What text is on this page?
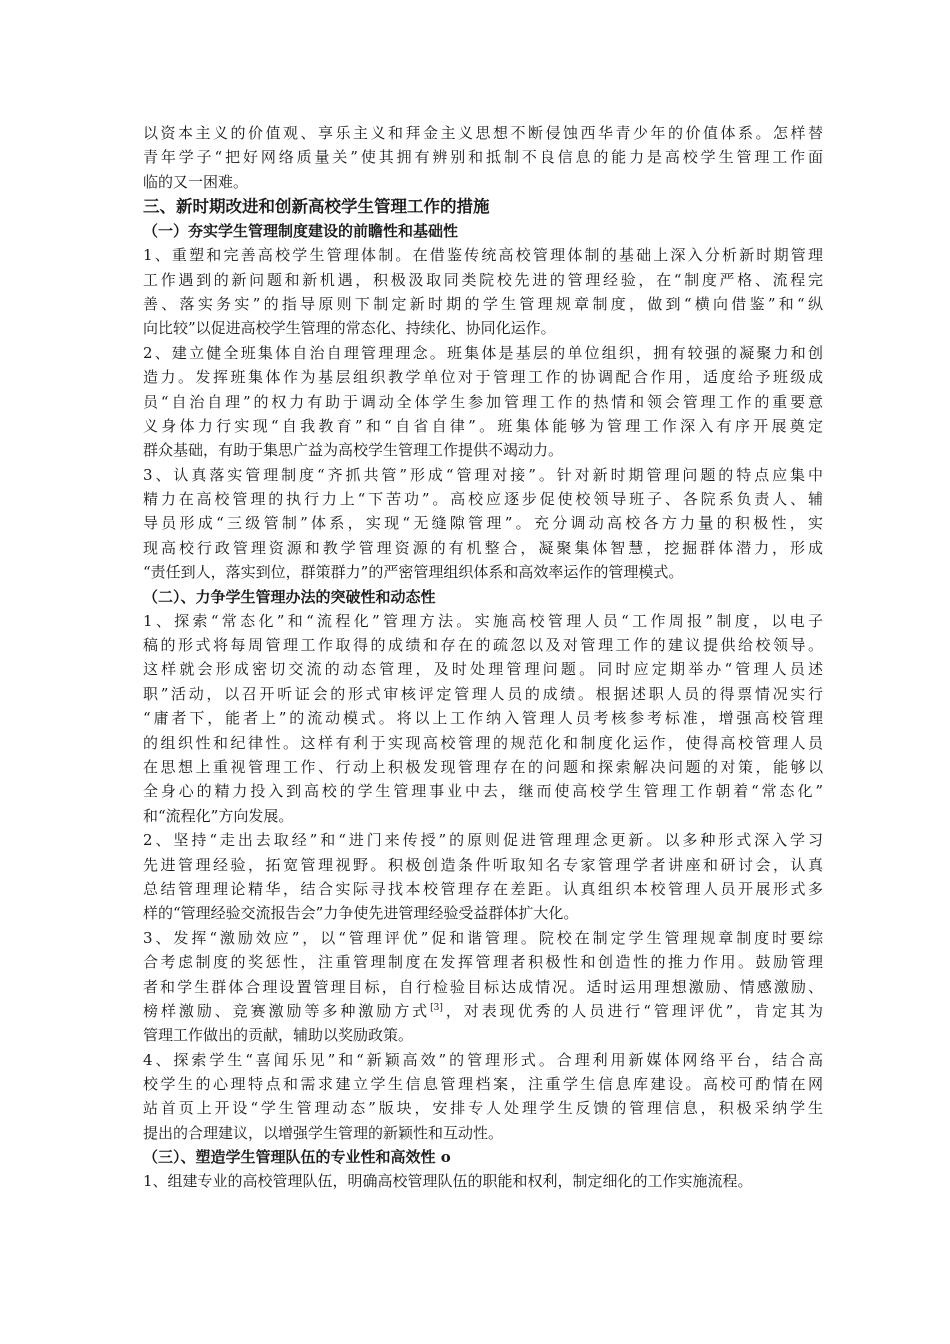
以资本主义的价值观、享乐主义和拜金主义思想不断侵蚀西华青少年的价值体系。怎样替
青年学子“把好网络质量关”使其拥有辨别和抵制不良信息的能力是高校学生管理工作面
临的又一困难。
三、新时期改进和创新高校学生管理工作的措施
（一）夯实学生管理制度建设的前瞻性和基础性
1、重塑和完善高校学生管理体制。在借鉴传统高校管理体制的基础上深入分析新时期管理
工作遇到的新问题和新机遇，积极汲取同类院校先进的管理经验，在“制度严格、流程完
善、落实务实”的指导原则下制定新时期的学生管理规章制度，做到“横向借鉴”和“纵
向比较”以促进高校学生管理的常态化、持续化、协同化运作。
2、建立健全班集体自治自理管理理念。班集体是基层的单位组织，拥有较强的凝聚力和创
造力。发挥班集体作为基层组织教学单位对于管理工作的协调配合作用，适度给予班级成
员“自治自理”的权力有助于调动全体学生参加管理工作的热情和领会管理工作的重要意
义身体力行实现“自我教育”和“自省自律”。班集体能够为管理工作深入有序开展奠定
群众基础，有助于集思广益为高校学生管理工作提供不竭动力。
3、认真落实管理制度“齐抓共管”形成“管理对接”。针对新时期管理问题的特点应集中
精力在高校管理的执行力上“下苦功”。高校应逐步促使校领导班子、各院系负责人、辅
导员形成“三级管制”体系，实现“无缝隙管理”。充分调动高校各方力量的积极性，实
现高校行政管理资源和教学管理资源的有机整合，凝聚集体智慧，挖掘群体潜力，形成
“责任到人，落实到位，群策群力”的严密管理组织体系和高效率运作的管理模式。
（二）、力争学生管理办法的突破性和动态性
1、探索“常态化”和“流程化”管理方法。实施高校管理人员“工作周报”制度，以电子
稿的形式将每周管理工作取得的成绩和存在的疏忽以及对管理工作的建议提供给校领导。
这样就会形成密切交流的动态管理，及时处理管理问题。同时应定期举办“管理人员述
职”活动，以召开听证会的形式审核评定管理人员的成绩。根据述职人员的得票情况实行
“庸者下，能者上”的流动模式。将以上工作纳入管理人员考核参考标准，增强高校管理
的组织性和纪律性。这样有利于实现高校管理的规范化和制度化运作，使得高校管理人员
在思想上重视管理工作、行动上积极发现管理存在的问题和探索解决问题的对策，能够以
全身心的精力投入到高校的学生管理事业中去，继而使高校学生管理工作朝着“常态化”
和“流程化”方向发展。
2、坚持“走出去取经”和“进门来传授”的原则促进管理理念更新。以多种形式深入学习
先进管理经验，拓宽管理视野。积极创造条件听取知名专家管理学者讲座和研讨会，认真
总结管理理论精华，结合实际寻找本校管理存在差距。认真组织本校管理人员开展形式多
样的“管理经验交流报告会”力争使先进管理经验受益群体扩大化。
3、发挥“激励效应”，以“管理评优”促和谐管理。院校在制定学生管理规章制度时要综
合考虑制度的奖惩性，注重管理制度在发挥管理者积极性和创造性的推力作用。鼓励管理
者和学生群体合理设置管理目标，自行检验目标达成情况。适时运用理想激励、情感激励、
榜样激励、竞赛激励等多种激励方式[3]，对表现优秀的人员进行“管理评优”，肯定其为
管理工作做出的贡献，辅助以奖励政策。
4、探索学生“喜闻乐见”和“新颖高效”的管理形式。合理利用新媒体网络平台，结合高
校学生的心理特点和需求建立学生信息管理档案，注重学生信息库建设。高校可酌情在网
站首页上开设“学生管理动态”版块，安排专人处理学生反馈的管理信息，积极采纳学生
提出的合理建议，以增强学生管理的新颖性和互动性。
（三）、塑造学生管理队伍的专业性和高效性 o
1、组建专业的高校管理队伍，明确高校管理队伍的职能和权利，制定细化的工作实施流程。
